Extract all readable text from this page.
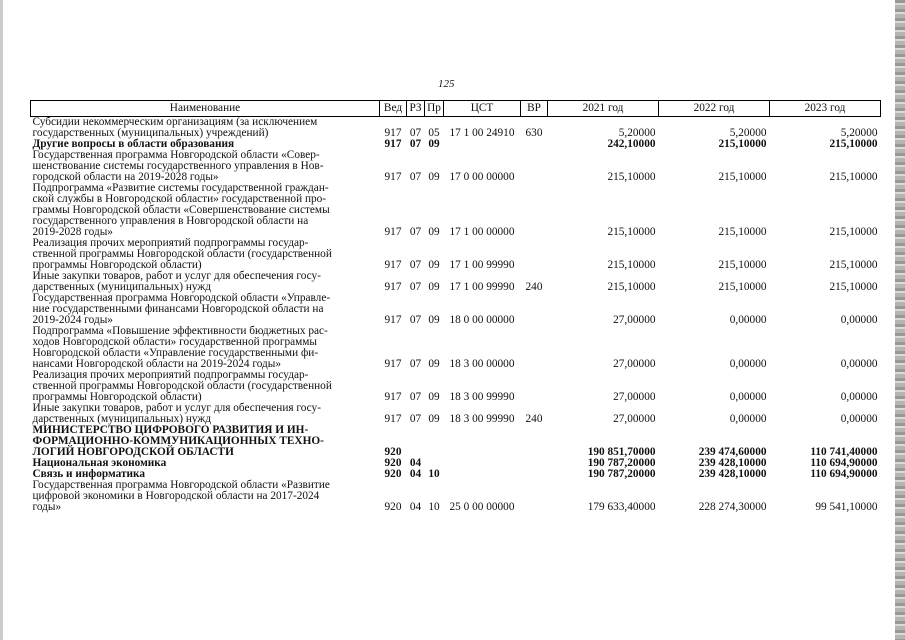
125
Наименование	Вед	РЗ	Пр	ЦСТ	ВР	2021 год	2022 год	2023 год

Субсидии некоммерческим организациям (за исключением
государственных (муниципальных) учреждений)	917	07	05	17 1 00 24910	630	5,20000	5,20000	5,20000

Другие вопросы в области образования	917	07	09			242,10000	215,10000	215,10000

Государственная программа Новгородской области «Совер-
шенствование системы государственного управления в Нов-
городской области на 2019-2028 годы»	917	07	09	17 0 00 00000		215,10000	215,10000	215,10000

Подпрограмма «Развитие системы государственной граждан-
ской службы в Новгородской области» государственной про-
граммы Новгородской области «Совершенствование системы
государственного управления в Новгородской области на
2019-2028 годы»	917	07	09	17 1 00 00000		215,10000	215,10000	215,10000

Реализация прочих мероприятий подпрограммы государ-
ственной программы Новгородской области (государственной
программы Новгородской области)	917	07	09	17 1 00 99990		215,10000	215,10000	215,10000

Иные закупки товаров, работ и услуг для обеспечения госу-
дарственных (муниципальных) нужд	917	07	09	17 1 00 99990	240	215,10000	215,10000	215,10000

Государственная программа Новгородской области «Управле-
ние государственными финансами Новгородской области на
2019-2024 годы»	917	07	09	18 0 00 00000		27,00000	0,00000	0,00000

Подпрограмма «Повышение эффективности бюджетных рас-
ходов Новгородской области» государственной программы
Новгородской области «Управление государственными фи-
нансами Новгородской области на 2019-2024 годы»	917	07	09	18 3 00 00000		27,00000	0,00000	0,00000

Реализация прочих мероприятий подпрограммы государ-
ственной программы Новгородской области (государственной
программы Новгородской области)	917	07	09	18 3 00 99990		27,00000	0,00000	0,00000

Иные закупки товаров, работ и услуг для обеспечения госу-
дарственных (муниципальных) нужд	917	07	09	18 3 00 99990	240	27,00000	0,00000	0,00000

МИНИСТЕРСТВО ЦИФРОВОГО РАЗВИТИЯ И ИН-
ФОРМАЦИОННО-КОММУНИКАЦИОННЫХ ТЕХНО-
ЛОГИЙ НОВГОРОДСКОЙ ОБЛАСТИ	920					190 851,70000	239 474,60000	110 741,40000

Национальная экономика	920	04				190 787,20000	239 428,10000	110 694,90000

Связь и информатика	920	04	10			190 787,20000	239 428,10000	110 694,90000

Государственная программа Новгородской области «Развитие
цифровой экономики в Новгородской области на 2017-2024
годы»	920	04	10	25 0 00 00000		179 633,40000	228 274,30000	99 541,10000
